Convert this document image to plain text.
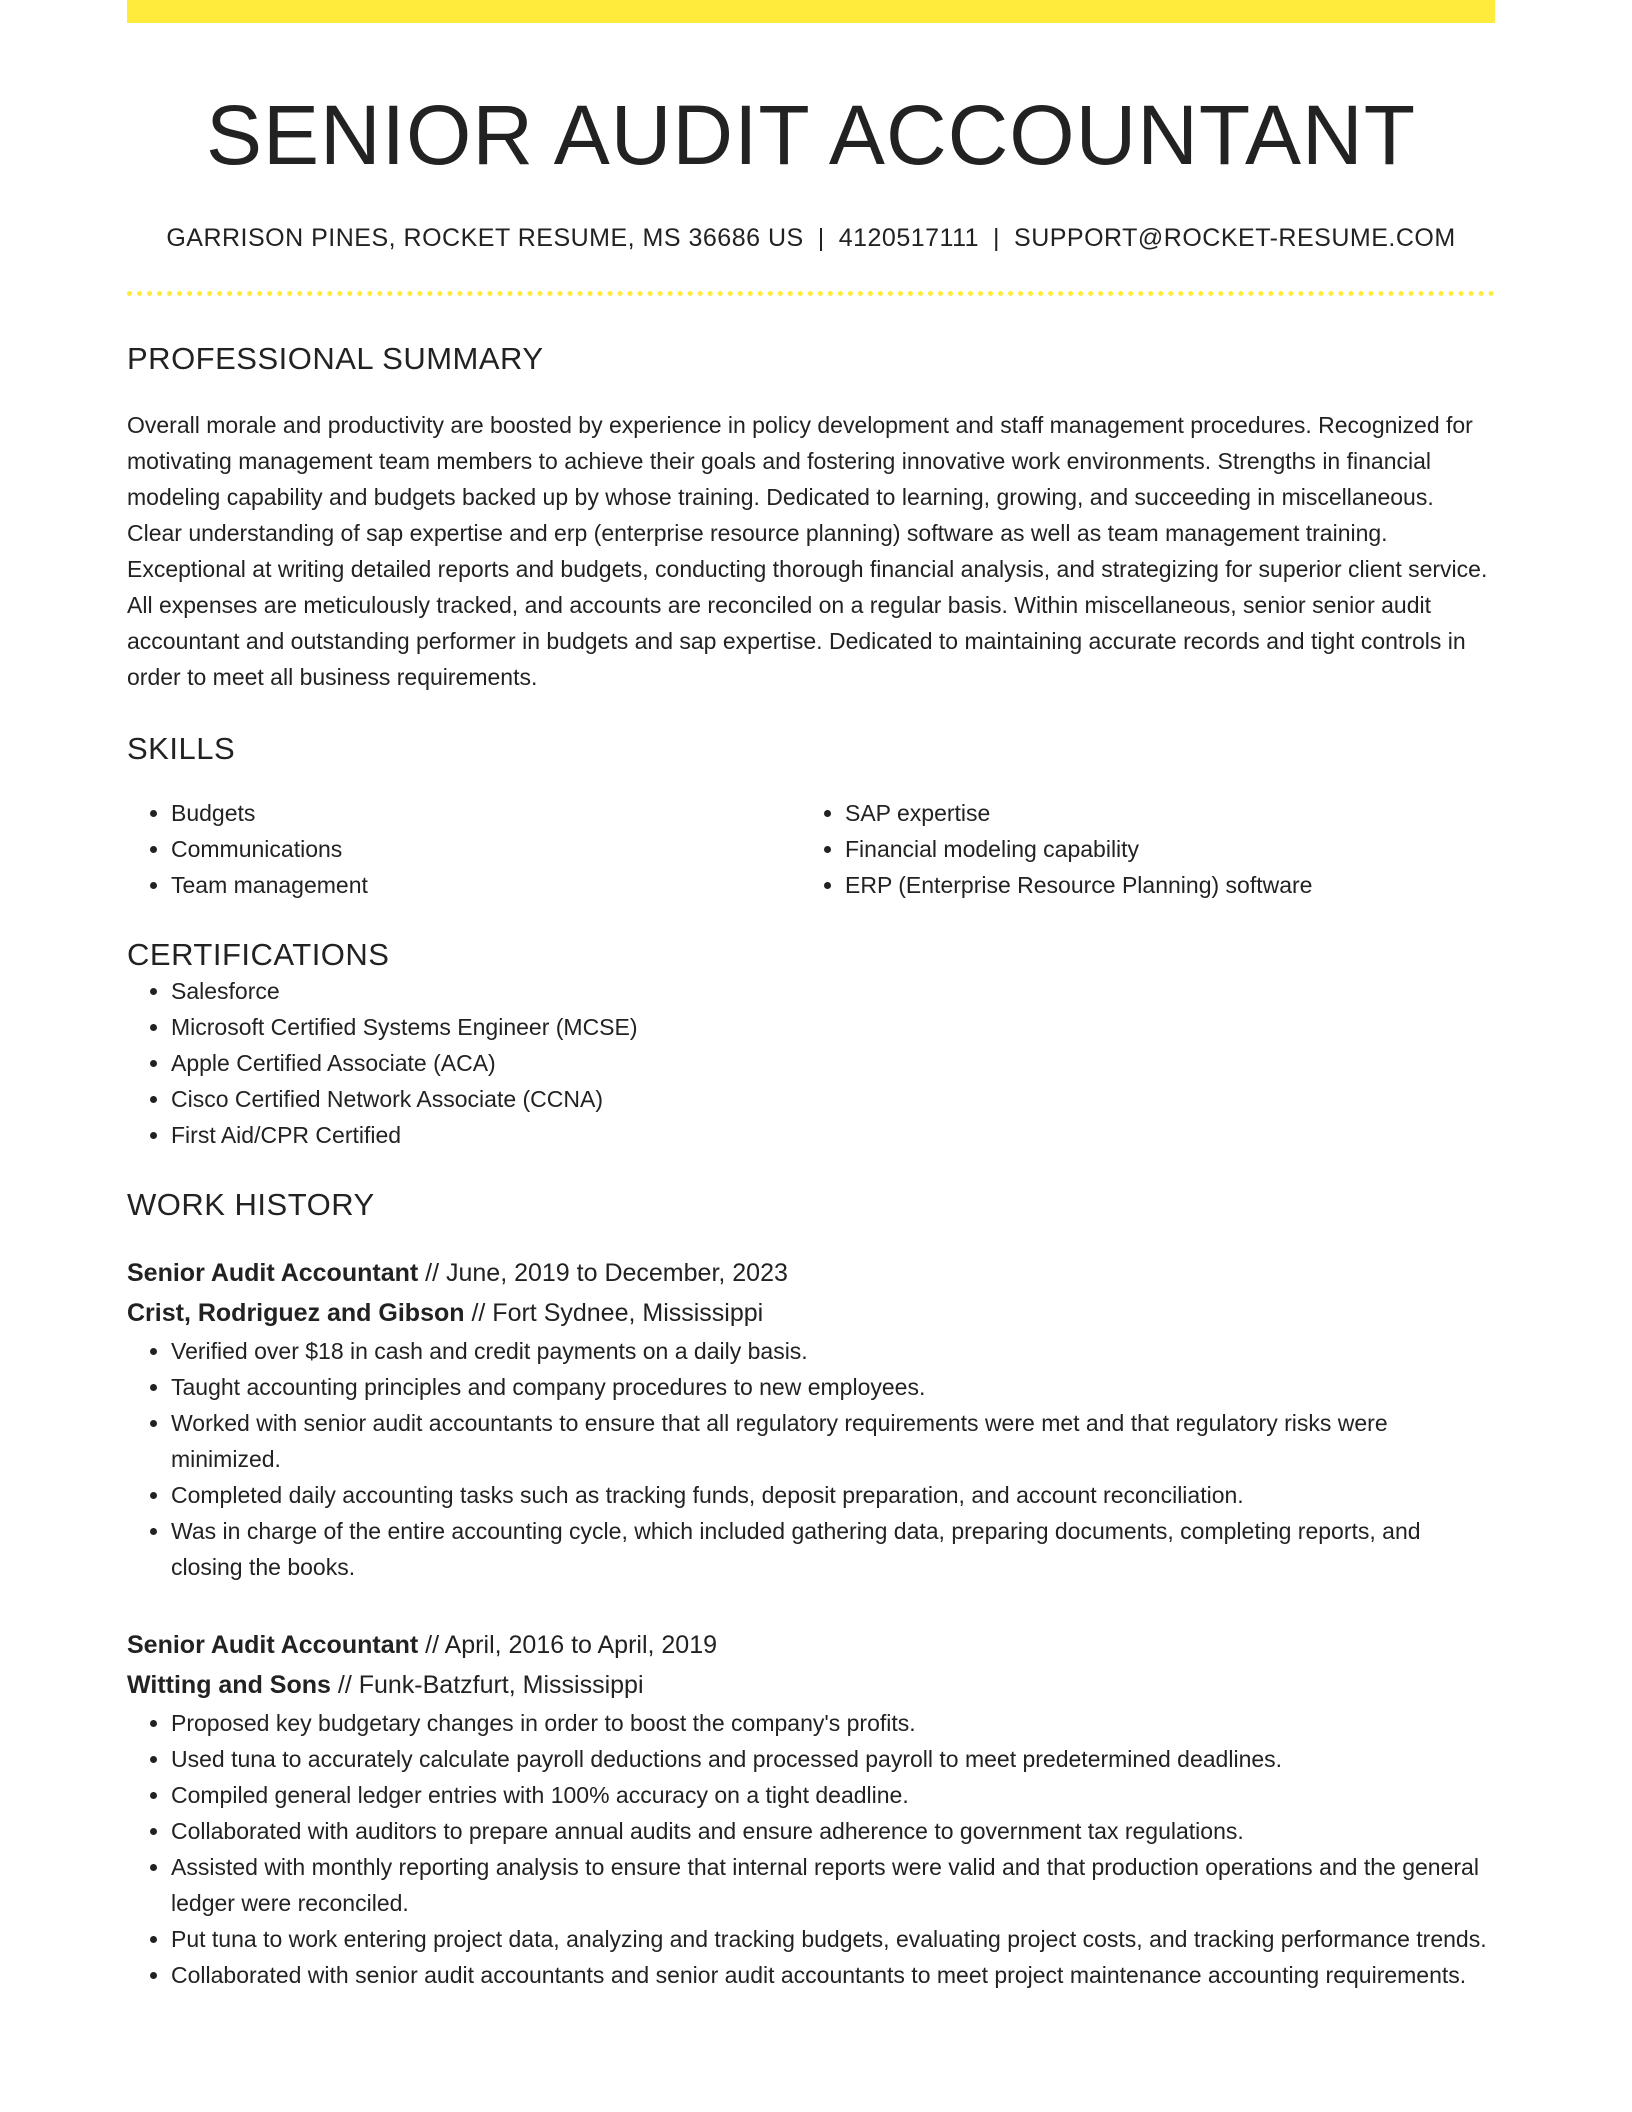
SENIOR AUDIT ACCOUNTANT
GARRISON PINES, ROCKET RESUME, MS 36686 US | 4120517111 | SUPPORT@ROCKET-RESUME.COM
PROFESSIONAL SUMMARY

Overall morale and productivity are boosted by experience in policy development and staff management procedures. Recognized for motivating management team members to achieve their goals and fostering innovative work environments. Strengths in financial modeling capability and budgets backed up by whose training. Dedicated to learning, growing, and succeeding in miscellaneous. Clear understanding of sap expertise and erp (enterprise resource planning) software as well as team management training. Exceptional at writing detailed reports and budgets, conducting thorough financial analysis, and strategizing for superior client service. All expenses are meticulously tracked, and accounts are reconciled on a regular basis. Within miscellaneous, senior senior audit accountant and outstanding performer in budgets and sap expertise. Dedicated to maintaining accurate records and tight controls in order to meet all business requirements.

SKILLS
• Budgets
• Communications
• Team management
• SAP expertise
• Financial modeling capability
• ERP (Enterprise Resource Planning) software
CERTIFICATIONS
• Salesforce
• Microsoft Certified Systems Engineer (MCSE)
• Apple Certified Associate (ACA)
• Cisco Certified Network Associate (CCNA)
• First Aid/CPR Certified
WORK HISTORY
Senior Audit Accountant // June, 2019 to December, 2023
Crist, Rodriguez and Gibson // Fort Sydnee, Mississippi
• Verified over $18 in cash and credit payments on a daily basis.
• Taught accounting principles and company procedures to new employees.
• Worked with senior audit accountants to ensure that all regulatory requirements were met and that regulatory risks were minimized.
• Completed daily accounting tasks such as tracking funds, deposit preparation, and account reconciliation.
• Was in charge of the entire accounting cycle, which included gathering data, preparing documents, completing reports, and closing the books.
Senior Audit Accountant // April, 2016 to April, 2019
Witting and Sons // Funk-Batzfurt, Mississippi
• Proposed key budgetary changes in order to boost the company's profits.
• Used tuna to accurately calculate payroll deductions and processed payroll to meet predetermined deadlines.
• Compiled general ledger entries with 100% accuracy on a tight deadline.
• Collaborated with auditors to prepare annual audits and ensure adherence to government tax regulations.
• Assisted with monthly reporting analysis to ensure that internal reports were valid and that production operations and the general ledger were reconciled.
• Put tuna to work entering project data, analyzing and tracking budgets, evaluating project costs, and tracking performance trends.
• Collaborated with senior audit accountants and senior audit accountants to meet project maintenance accounting requirements.
